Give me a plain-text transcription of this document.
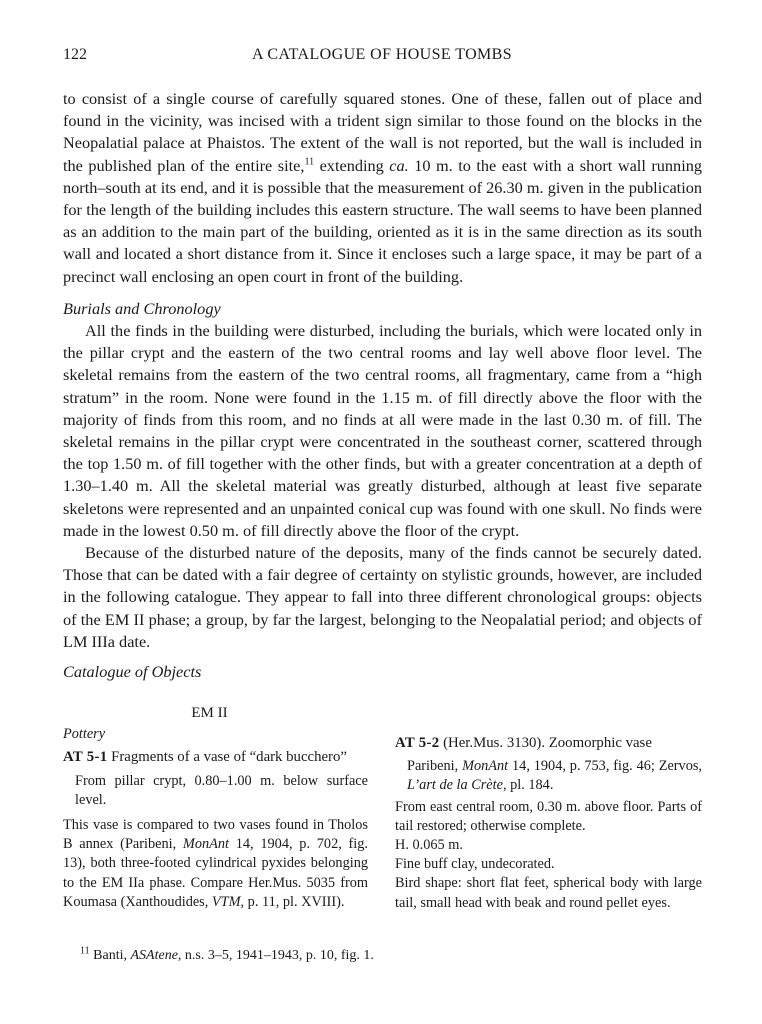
122	A CATALOGUE OF HOUSE TOMBS

to consist of a single course of carefully squared stones. One of these, fallen out of place and found in the vicinity, was incised with a trident sign similar to those found on the blocks in the Neopalatial palace at Phaistos. The extent of the wall is not reported, but the wall is included in the published plan of the entire site,$^{11}$ extending ca. 10 m. to the east with a short wall running north–south at its end, and it is possible that the measurement of 26.30 m. given in the publication for the length of the building includes this eastern structure. The wall seems to have been planned as an addition to the main part of the building, oriented as it is in the same direction as its south wall and located a short distance from it. Since it encloses such a large space, it may be part of a precinct wall enclosing an open court in front of the building.

Burials and Chronology

All the finds in the building were disturbed, including the burials, which were located only in the pillar crypt and the eastern of the two central rooms and lay well above floor level. The skeletal remains from the eastern of the two central rooms, all fragmentary, came from a “high stratum” in the room. None were found in the 1.15 m. of fill directly above the floor with the majority of finds from this room, and no finds at all were made in the last 0.30 m. of fill. The skeletal remains in the pillar crypt were concentrated in the southeast corner, scattered through the top 1.50 m. of fill together with the other finds, but with a greater concentration at a depth of 1.30–1.40 m. All the skeletal material was greatly disturbed, although at least five separate skeletons were represented and an unpainted conical cup was found with one skull. No finds were made in the lowest 0.50 m. of fill directly above the floor of the crypt.

Because of the disturbed nature of the deposits, many of the finds cannot be securely dated. Those that can be dated with a fair degree of certainty on stylistic grounds, however, are included in the following catalogue. They appear to fall into three different chronological groups: objects of the EM II phase; a group, by far the largest, belonging to the Neopalatial period; and objects of LM IIIa date.

Catalogue of Objects

EM II

Pottery

AT 5-1 Fragments of a vase of “dark bucchero”

From pillar crypt, 0.80–1.00 m. below surface level.

This vase is compared to two vases found in Tholos B annex (Paribeni, MonAnt 14, 1904, p. 702, fig. 13), both three-footed cylindrical pyxides belonging to the EM IIa phase. Compare Her.Mus. 5035 from Koumasa (Xanthoudides, VTM, p. 11, pl. XVIII).

AT 5-2 (Her.Mus. 3130). Zoomorphic vase

Paribeni, MonAnt 14, 1904, p. 753, fig. 46; Zervos, L’art de la Crète, pl. 184.

From east central room, 0.30 m. above floor. Parts of tail restored; otherwise complete.

H. 0.065 m.

Fine buff clay, undecorated.

Bird shape: short flat feet, spherical body with large tail, small head with beak and round pellet eyes.

$^{11}$ Banti, ASAtene, n.s. 3–5, 1941–1943, p. 10, fig. 1.
